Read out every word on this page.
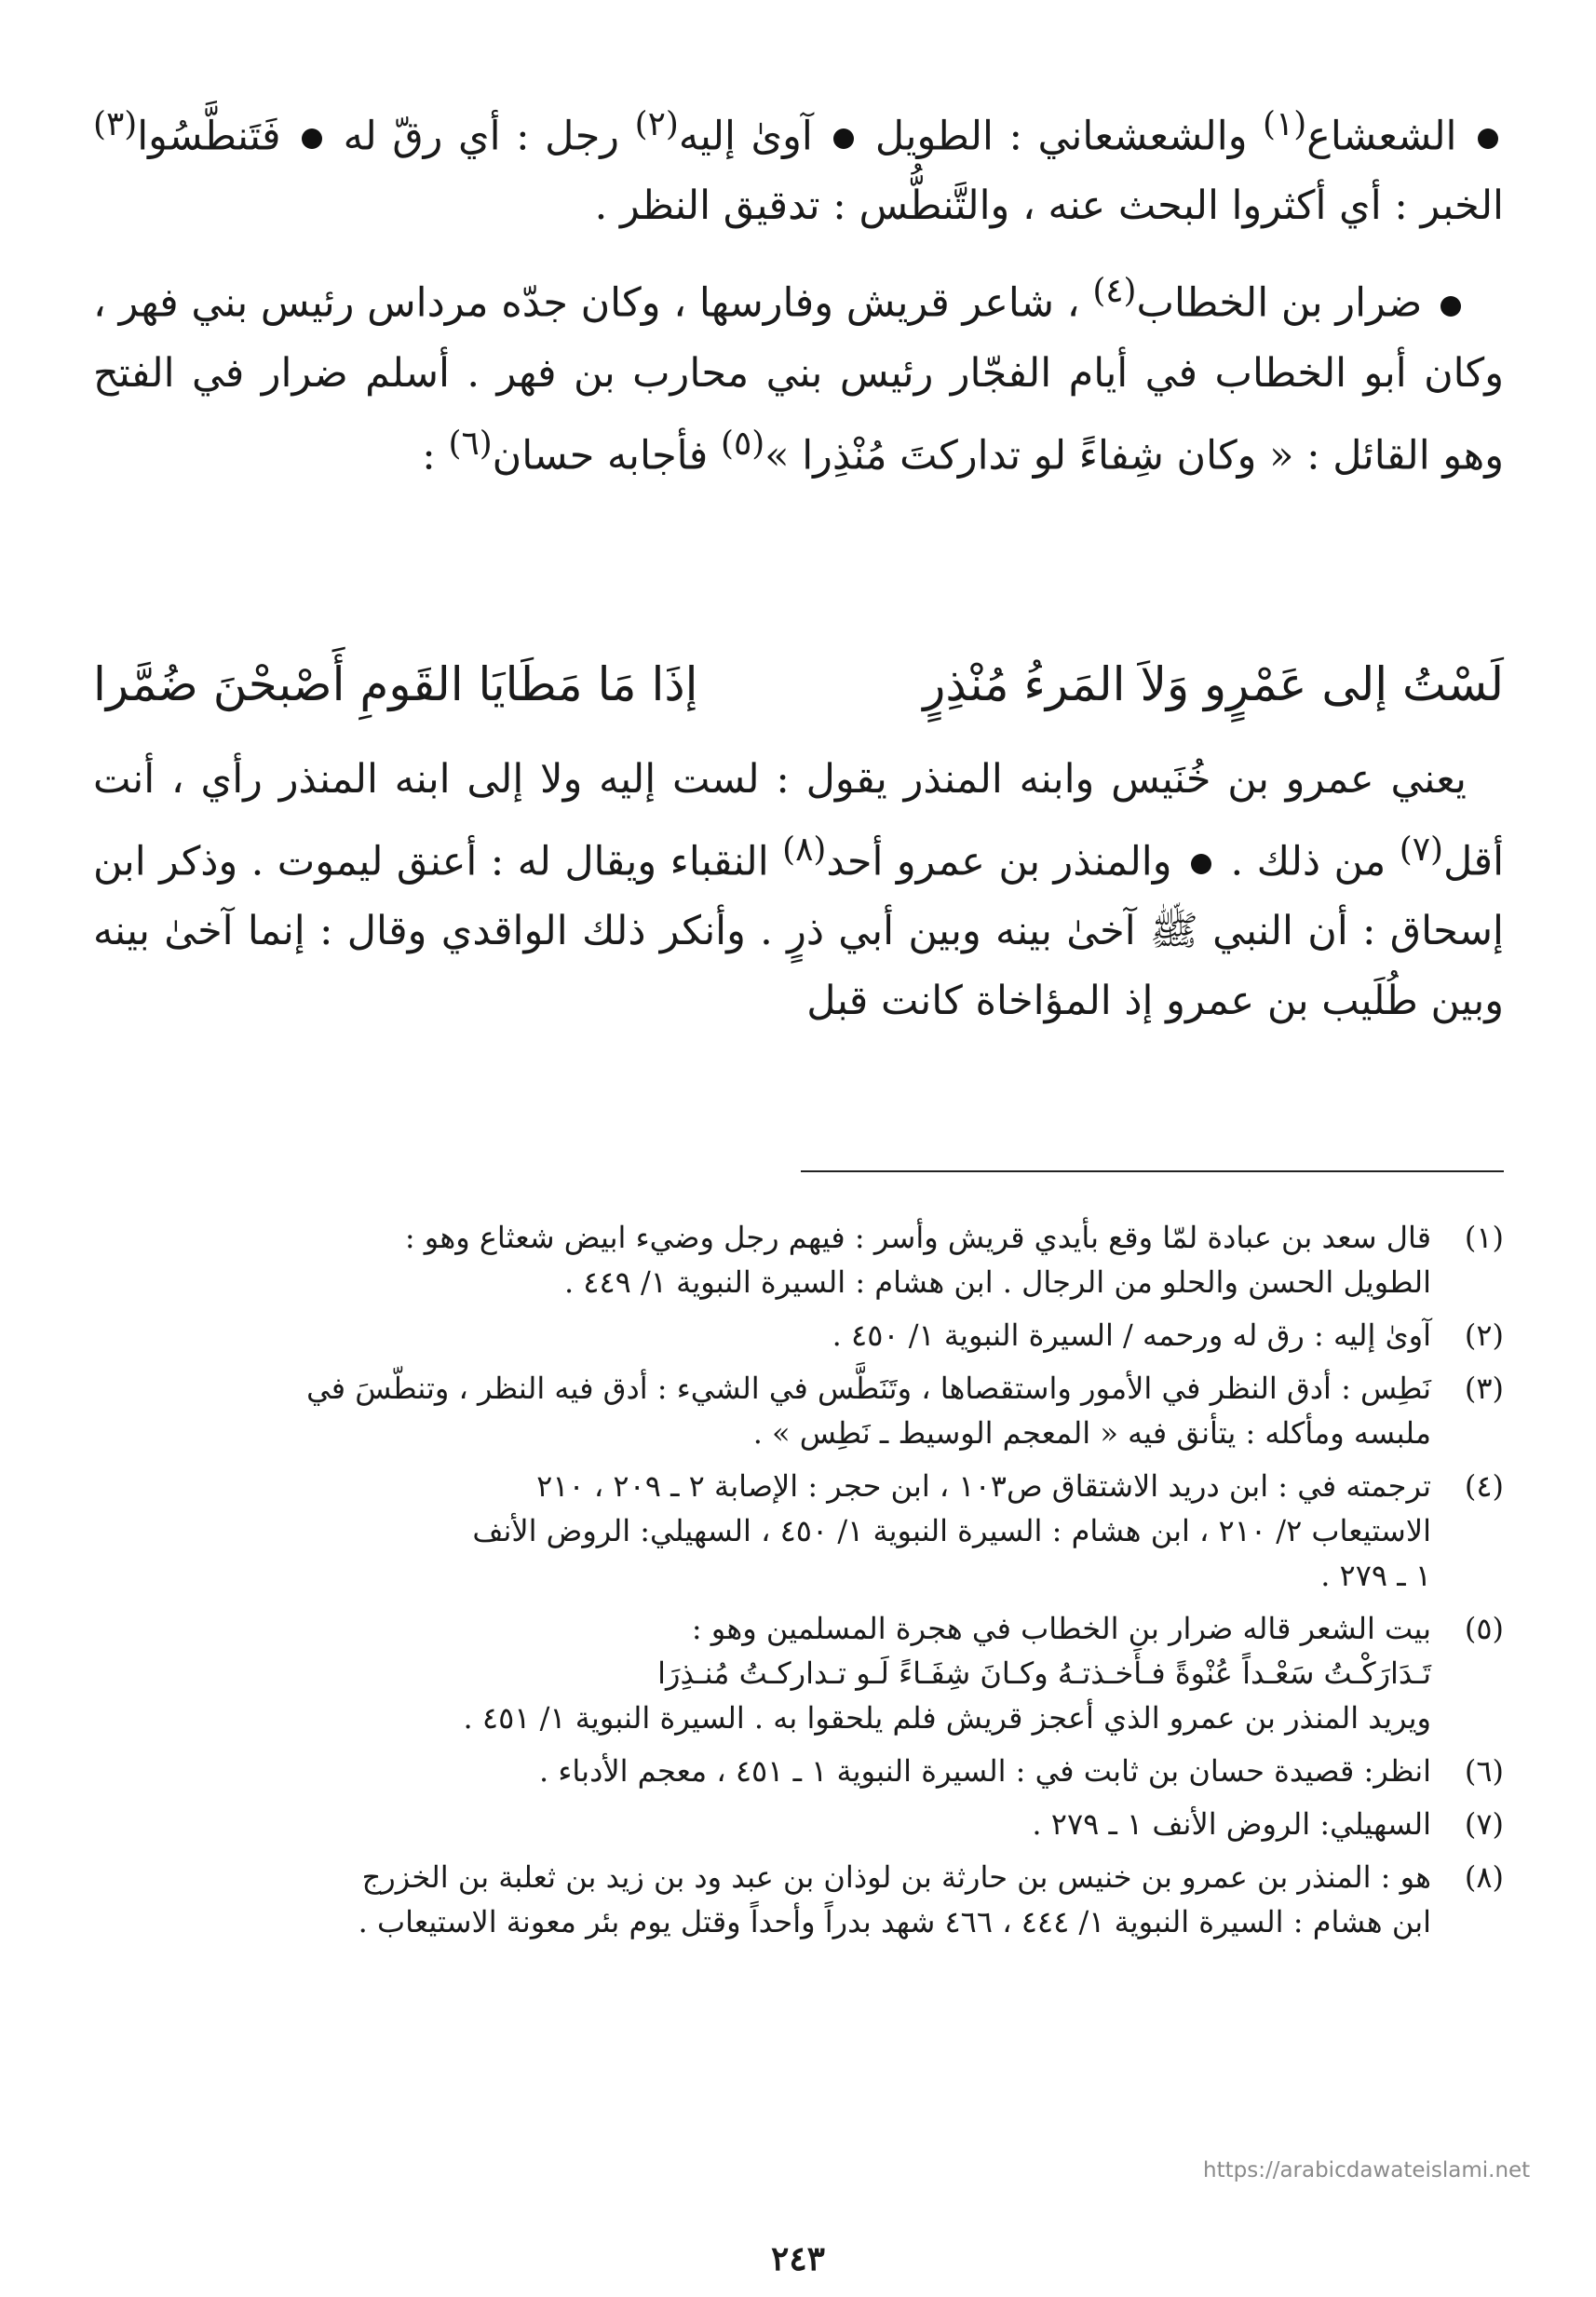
الشعشاع$^{(١)}$ والشعشعاني : الطويل  آوىٰ إليه$^{(٢)}$ رجل : أي رقّ له  فَتَنطَّسُوا$^{(٣)}$ الخبر : أي أكثروا البحث عنه ، والتَّنطُّس : تدقيق النظر .

ضرار بن الخطاب$^{(٤)}$ ، شاعر قريش وفارسها ، وكان جدّه مرداس رئيس بني فهر ، وكان أبو الخطاب في أيام الفجّار رئيس بني محارب بن فهر . أسلم ضرار في الفتح وهو القائل : « وكان شِفاءً لو تداركتَ مُنْذِرا »$^{(٥)}$ فأجابه حسان$^{(٦)}$ :

لَسْتُ إلى عَمْرٍو وَلاَ المَرءُ مُنْذِرٍ
إذَا مَا مَطَايَا القَومِ أَصْبحْنَ ضُمَّرا

يعني عمرو بن خُنَيس وابنه المنذر يقول : لست إليه ولا إلى ابنه المنذر رأي ، أنت أقل$^{(٧)}$ من ذلك .  والمنذر بن عمرو أحد$^{(٨)}$ النقباء ويقال له : أعنق ليموت . وذكر ابن إسحاق : أن النبي ﷺ آخىٰ بينه وبين أبي ذرٍ . وأنكر ذلك الواقدي وقال : إنما آخىٰ بينه وبين طُلَيب بن عمرو إذ المؤاخاة كانت قبل

(١)
قال سعد بن عبادة لمّا وقع بأيدي قريش وأسر : فيهم رجل وضيء ابيض شعثاع وهو :
الطويل الحسن والحلو من الرجال . ابن هشام : السيرة النبوية ١/ ٤٤٩ .
(٢)
آوىٰ إليه : رق له ورحمه / السيرة النبوية ١/ ٤٥٠ .
(٣)
نَطِس : أدق النظر في الأمور واستقصاها ، وتَنَطَّس في الشيء : أدق فيه النظر ، وتنطّسَ في
ملبسه ومأكله : يتأنق فيه « المعجم الوسيط ـ نَطِس » .
(٤)
ترجمته في : ابن دريد الاشتقاق ص١٠٣ ، ابن حجر : الإصابة ٢ ـ ٢٠٩ ، ٢١٠
الاستيعاب ٢/ ٢١٠ ، ابن هشام : السيرة النبوية ١/ ٤٥٠ ، السهيلي: الروض الأنف
١ ـ ٢٧٩ .
(٥)
بيت الشعر قاله ضرار بن الخطاب في هجرة المسلمين وهو :
تَـدَارَكْـتُ سَعْـداً عُنْوةً فـأَخـذتـهُ وكـانَ شِفَـاءً لَـو تـداركـتُ مُنـذِرَا
ويريد المنذر بن عمرو الذي أعجز قريش فلم يلحقوا به . السيرة النبوية ١/ ٤٥١ .
(٦)
انظر: قصيدة حسان بن ثابت في : السيرة النبوية ١ ـ ٤٥١ ، معجم الأدباء .
(٧)
السهيلي: الروض الأنف ١ ـ ٢٧٩ .
(٨)
هو : المنذر بن عمرو بن خنيس بن حارثة بن لوذان بن عبد ود بن زيد بن ثعلبة بن الخزرج
ابن هشام : السيرة النبوية ١/ ٤٤٤ ، ٤٦٦ شهد بدراً وأحداً وقتل يوم بئر معونة الاستيعاب .
https://arabicdawateislami.net
٢٤٣
